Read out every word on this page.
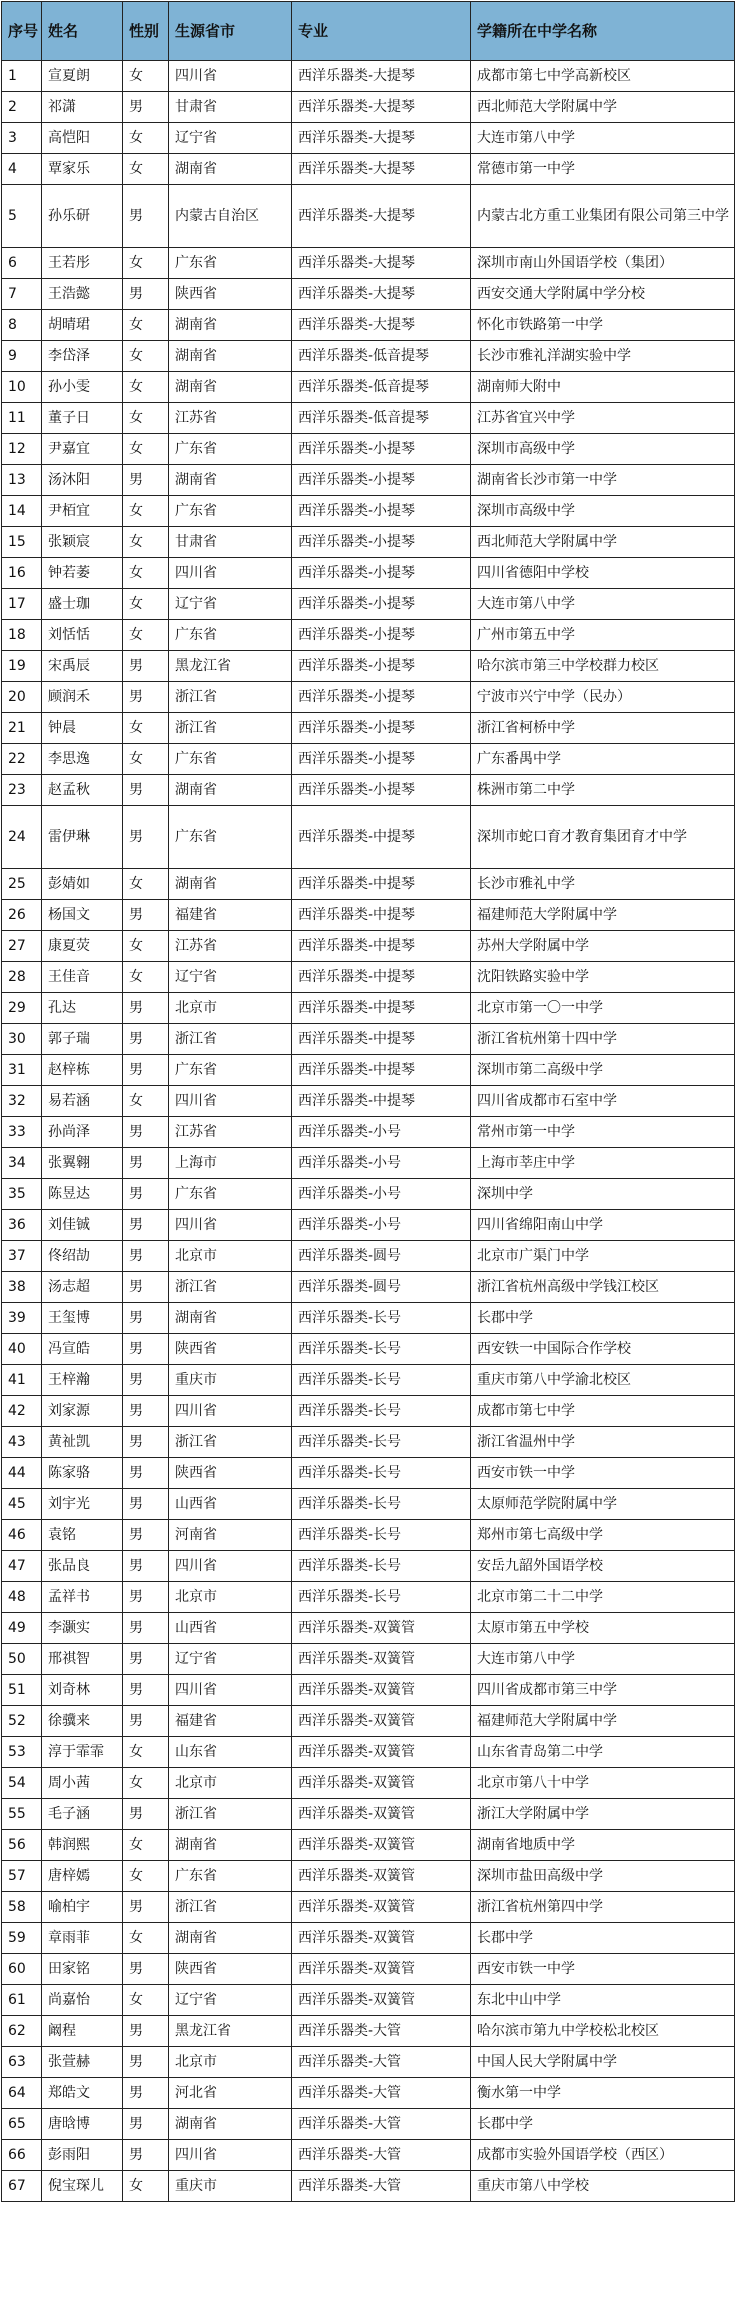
序号	姓名	性别	生源省市	专业	学籍所在中学名称
1	宣夏朗	女	四川省	西洋乐器类-大提琴	成都市第七中学高新校区
2	祁潇	男	甘肃省	西洋乐器类-大提琴	西北师范大学附属中学
3	高恺阳	女	辽宁省	西洋乐器类-大提琴	大连市第八中学
4	覃家乐	女	湖南省	西洋乐器类-大提琴	常德市第一中学
5	孙乐研	男	内蒙古自治区	西洋乐器类-大提琴	内蒙古北方重工业集团有限公司第三中学
6	王若彤	女	广东省	西洋乐器类-大提琴	深圳市南山外国语学校（集团）
7	王浩懿	男	陕西省	西洋乐器类-大提琴	西安交通大学附属中学分校
8	胡晴珺	女	湖南省	西洋乐器类-大提琴	怀化市铁路第一中学
9	李岱泽	女	湖南省	西洋乐器类-低音提琴	长沙市雅礼洋湖实验中学
10	孙小雯	女	湖南省	西洋乐器类-低音提琴	湖南师大附中
11	董子日	女	江苏省	西洋乐器类-低音提琴	江苏省宜兴中学
12	尹嘉宜	女	广东省	西洋乐器类-小提琴	深圳市高级中学
13	汤沐阳	男	湖南省	西洋乐器类-小提琴	湖南省长沙市第一中学
14	尹栢宜	女	广东省	西洋乐器类-小提琴	深圳市高级中学
15	张颖宸	女	甘肃省	西洋乐器类-小提琴	西北师范大学附属中学
16	钟若萎	女	四川省	西洋乐器类-小提琴	四川省德阳中学校
17	盛士珈	女	辽宁省	西洋乐器类-小提琴	大连市第八中学
18	刘恬恬	女	广东省	西洋乐器类-小提琴	广州市第五中学
19	宋禹辰	男	黑龙江省	西洋乐器类-小提琴	哈尔滨市第三中学校群力校区
20	顾润禾	男	浙江省	西洋乐器类-小提琴	宁波市兴宁中学（民办）
21	钟晨	女	浙江省	西洋乐器类-小提琴	浙江省柯桥中学
22	李思逸	女	广东省	西洋乐器类-小提琴	广东番禺中学
23	赵孟秋	男	湖南省	西洋乐器类-小提琴	株洲市第二中学
24	雷伊琳	男	广东省	西洋乐器类-中提琴	深圳市蛇口育才教育集团育才中学
25	彭婧如	女	湖南省	西洋乐器类-中提琴	长沙市雅礼中学
26	杨国文	男	福建省	西洋乐器类-中提琴	福建师范大学附属中学
27	康夏荧	女	江苏省	西洋乐器类-中提琴	苏州大学附属中学
28	王佳音	女	辽宁省	西洋乐器类-中提琴	沈阳铁路实验中学
29	孔达	男	北京市	西洋乐器类-中提琴	北京市第一〇一中学
30	郭子瑞	男	浙江省	西洋乐器类-中提琴	浙江省杭州第十四中学
31	赵梓栋	男	广东省	西洋乐器类-中提琴	深圳市第二高级中学
32	易若涵	女	四川省	西洋乐器类-中提琴	四川省成都市石室中学
33	孙尚泽	男	江苏省	西洋乐器类-小号	常州市第一中学
34	张翼翱	男	上海市	西洋乐器类-小号	上海市莘庄中学
35	陈昱达	男	广东省	西洋乐器类-小号	深圳中学
36	刘佳铖	男	四川省	西洋乐器类-小号	四川省绵阳南山中学
37	佟绍劼	男	北京市	西洋乐器类-圆号	北京市广渠门中学
38	汤志超	男	浙江省	西洋乐器类-圆号	浙江省杭州高级中学钱江校区
39	王玺博	男	湖南省	西洋乐器类-长号	长郡中学
40	冯宣皓	男	陕西省	西洋乐器类-长号	西安铁一中国际合作学校
41	王梓瀚	男	重庆市	西洋乐器类-长号	重庆市第八中学渝北校区
42	刘家源	男	四川省	西洋乐器类-长号	成都市第七中学
43	黄祉凯	男	浙江省	西洋乐器类-长号	浙江省温州中学
44	陈家骆	男	陕西省	西洋乐器类-长号	西安市铁一中学
45	刘宇光	男	山西省	西洋乐器类-长号	太原师范学院附属中学
46	袁铭	男	河南省	西洋乐器类-长号	郑州市第七高级中学
47	张品良	男	四川省	西洋乐器类-长号	安岳九韶外国语学校
48	孟祥书	男	北京市	西洋乐器类-长号	北京市第二十二中学
49	李灏实	男	山西省	西洋乐器类-双簧管	太原市第五中学校
50	邢祺智	男	辽宁省	西洋乐器类-双簧管	大连市第八中学
51	刘奇林	男	四川省	西洋乐器类-双簧管	四川省成都市第三中学
52	徐骥来	男	福建省	西洋乐器类-双簧管	福建师范大学附属中学
53	淳于霏霏	女	山东省	西洋乐器类-双簧管	山东省青岛第二中学
54	周小茜	女	北京市	西洋乐器类-双簧管	北京市第八十中学
55	毛子涵	男	浙江省	西洋乐器类-双簧管	浙江大学附属中学
56	韩润熙	女	湖南省	西洋乐器类-双簧管	湖南省地质中学
57	唐梓嫣	女	广东省	西洋乐器类-双簧管	深圳市盐田高级中学
58	喻柏宇	男	浙江省	西洋乐器类-双簧管	浙江省杭州第四中学
59	章雨菲	女	湖南省	西洋乐器类-双簧管	长郡中学
60	田家铭	男	陕西省	西洋乐器类-双簧管	西安市铁一中学
61	尚嘉怡	女	辽宁省	西洋乐器类-双簧管	东北中山中学
62	阚程	男	黑龙江省	西洋乐器类-大管	哈尔滨市第九中学校松北校区
63	张萱赫	男	北京市	西洋乐器类-大管	中国人民大学附属中学
64	郑皓文	男	河北省	西洋乐器类-大管	衡水第一中学
65	唐晗博	男	湖南省	西洋乐器类-大管	长郡中学
66	彭雨阳	男	四川省	西洋乐器类-大管	成都市实验外国语学校（西区）
67	倪宝琛儿	女	重庆市	西洋乐器类-大管	重庆市第八中学校
